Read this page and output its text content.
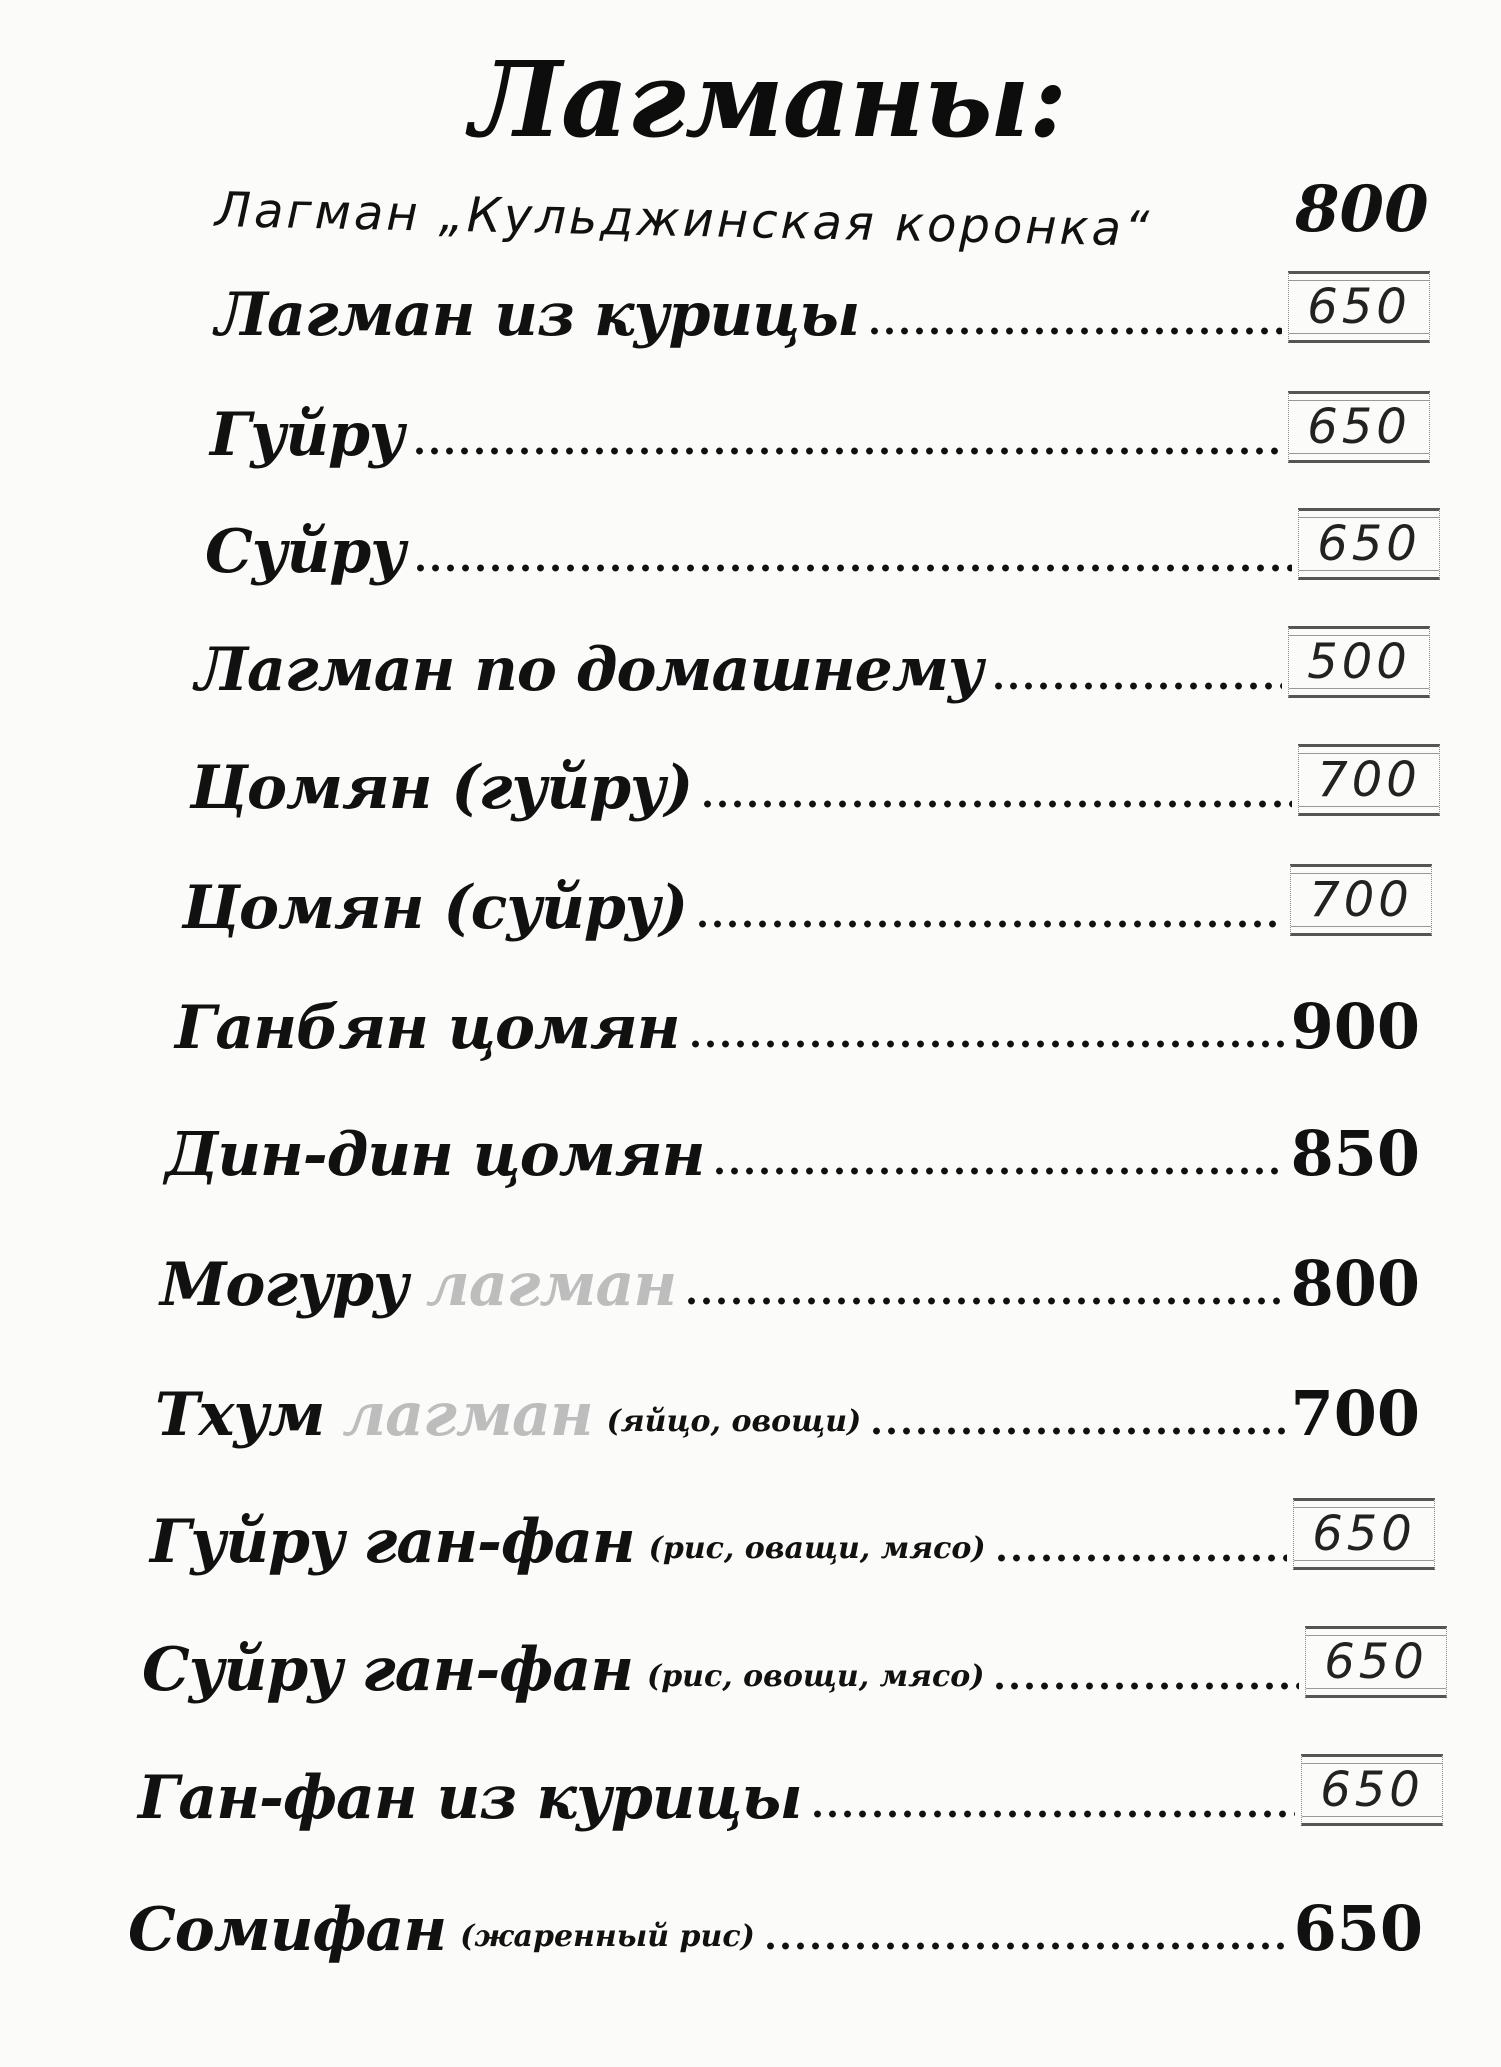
Лагманы:
Лагман „Кульджинская коронка“ 800
Лагман из курицы	650
Гуйру	650
Суйру	650
Лагман по домашнему	500
Цомян (гуйру)	700
Цомян (суйру)	700
Ганбян цомян	900
Дин-дин цомян	850
Могуру лагман	800
Тхум лагман (яйцо, овощи)	700
Гуйру ган-фан (рис, оващи, мясо)	650
Суйру ган-фан (рис, овощи, мясо)	650
Ган-фан из курицы	650
Сомифан (жаренный рис)	650
